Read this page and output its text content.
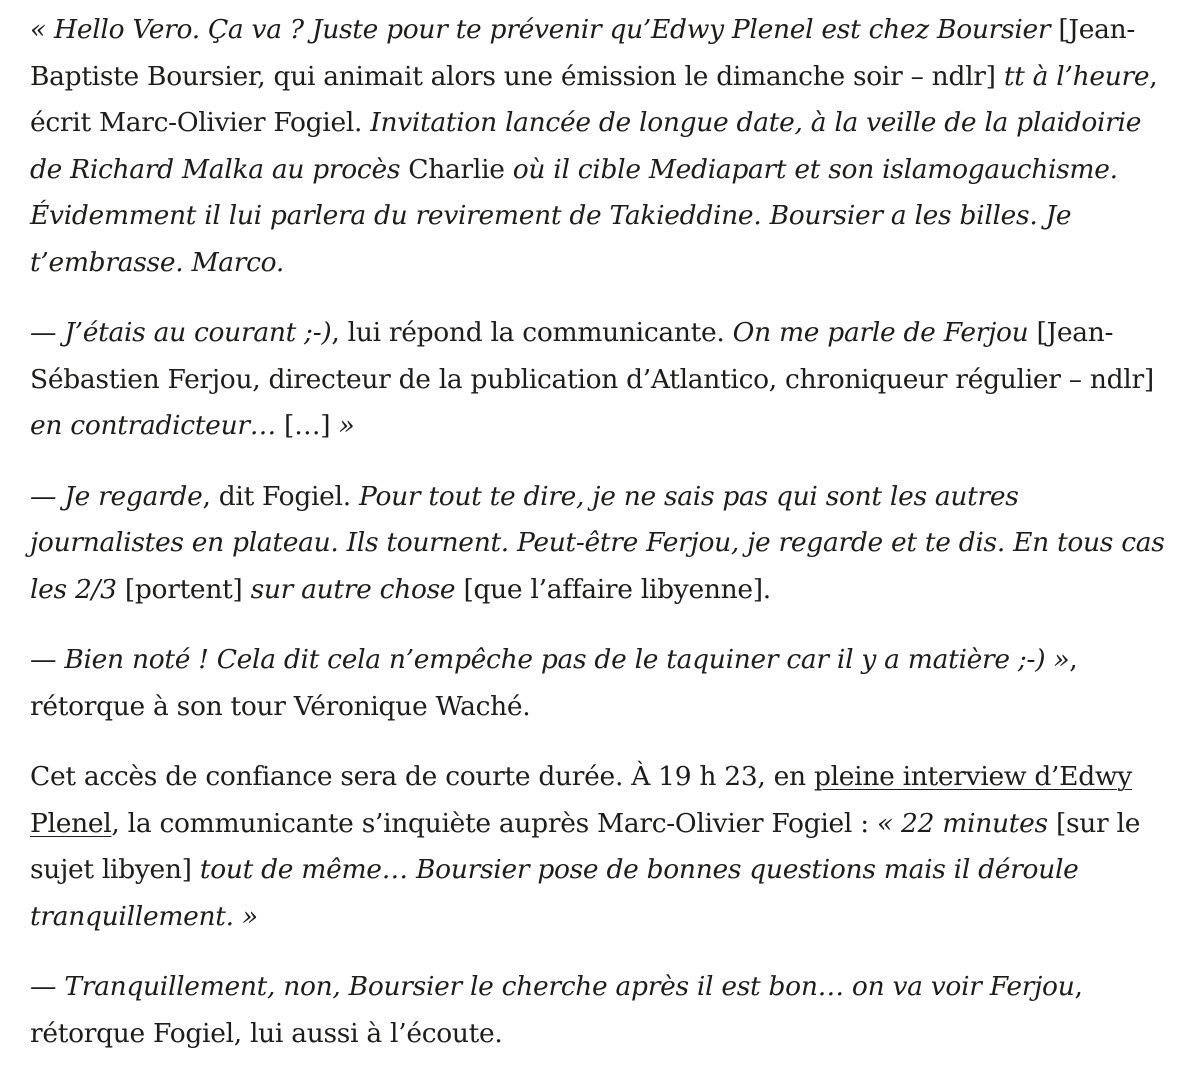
« Hello Vero. Ça va ? Juste pour te prévenir qu’Edwy Plenel est chez Boursier [Jean-Baptiste Boursier, qui animait alors une émission le dimanche soir – ndlr] tt à l’heure, écrit Marc-Olivier Fogiel. Invitation lancée de longue date, à la veille de la plaidoirie de Richard Malka au procès Charlie où il cible Mediapart et son islamogauchisme. Évidemment il lui parlera du revirement de Takieddine. Boursier a les billes. Je t’embrasse. Marco.

— J’étais au courant ;-), lui répond la communicante. On me parle de Ferjou [Jean-Sébastien Ferjou, directeur de la publication d’Atlantico, chroniqueur régulier – ndlr] en contradicteur… […] »

— Je regarde, dit Fogiel. Pour tout te dire, je ne sais pas qui sont les autres journalistes en plateau. Ils tournent. Peut-être Ferjou, je regarde et te dis. En tous cas les 2/3 [portent] sur autre chose [que l’affaire libyenne].

— Bien noté ! Cela dit cela n’empêche pas de le taquiner car il y a matière ;-) », rétorque à son tour Véronique Waché.

Cet accès de confiance sera de courte durée. À 19 h 23, en pleine interview d’Edwy Plenel, la communicante s’inquiète auprès Marc-Olivier Fogiel : « 22 minutes [sur le sujet libyen] tout de même… Boursier pose de bonnes questions mais il déroule tranquillement. »

— Tranquillement, non, Boursier le cherche après il est bon… on va voir Ferjou, rétorque Fogiel, lui aussi à l’écoute.
